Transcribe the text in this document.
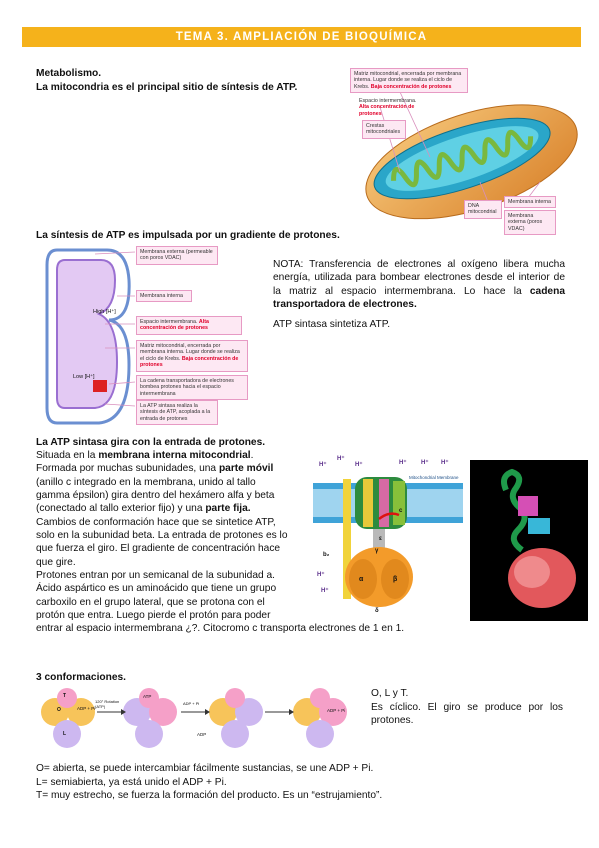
TEMA 3. AMPLIACIÓN DE BIOQUÍMICA
Metabolismo.
La mitocondria es el principal sitio de síntesis de ATP.
Matriz mitocondrial, encerrada por membrana interna. Lugar donde se realiza el ciclo de Krebs. Baja concentración de protones
Espacio intermembrana. Alta concentración de protones
Crestas mitocondriales
DNA mitocondrial
Membrana interna
Membrana externa (poros VDAC)
La síntesis de ATP es impulsada por un gradiente de protones.
High [H⁺]
Low [H⁺]
Membrana externa (permeable con poros VDAC)
Membrana interna
Espacio intermembrana. Alta concentración de protones
Matriz mitocondrial, encerrada por membrana interna. Lugar donde se realiza el ciclo de Krebs. Baja concentración de protones
La cadena transportadora de electrones bombea protones hacia el espacio intermembrana
La ATP sintasa realiza la síntesis de ATP, acoplada a la entrada de protones
NOTA: Transferencia de electrones al oxígeno libera mucha energía, utilizada para bombear electrones desde el interior de la matriz al espacio intermembrana. Lo hace la cadena transportadora de electrones.
ATP sintasa sintetiza ATP.
La ATP sintasa gira con la entrada de protones.
Situada en la membrana interna mitocondrial.
Formada por muchas subunidades, una parte móvil
(anillo c integrado en la membrana, unido al tallo
gamma épsilon) gira dentro del hexámero alfa y beta
(conectado al tallo exterior fijo) y una parte fija.
Cambios de conformación hace que se sintetice ATP,
solo en la subunidad beta. La entrada de protones es lo
que fuerza el giro. El gradiente de concentración hace
que gire.
Protones entran por un semicanal de la subunidad a.
Ácido aspártico es un aminoácido que tiene un grupo
carboxilo en el grupo lateral, que se protona con el
protón que entra. Luego pierde el protón para poder
entrar al espacio intermembrana ¿?. Citocromo c transporta electrones de 1 en 1.
Mitochondrial Membrane
H⁺
H⁺
H⁺	H⁺ H⁺ H⁺
H⁺
H⁺
b₂
c
α	β
γ
ε
δ
3 conformaciones.
O	ADP + Pi
L
T
120° Rotation (ATP)
ADP + Pi
ATP
ADP
ADP + Pi
O, L y T.
Es cíclico. El giro se produce por los protones.
O= abierta, se puede intercambiar fácilmente sustancias, se une ADP + Pi.
L= semiabierta, ya está unido el ADP + Pi.
T= muy estrecho, se fuerza la formación del producto. Es un “estrujamiento”.
